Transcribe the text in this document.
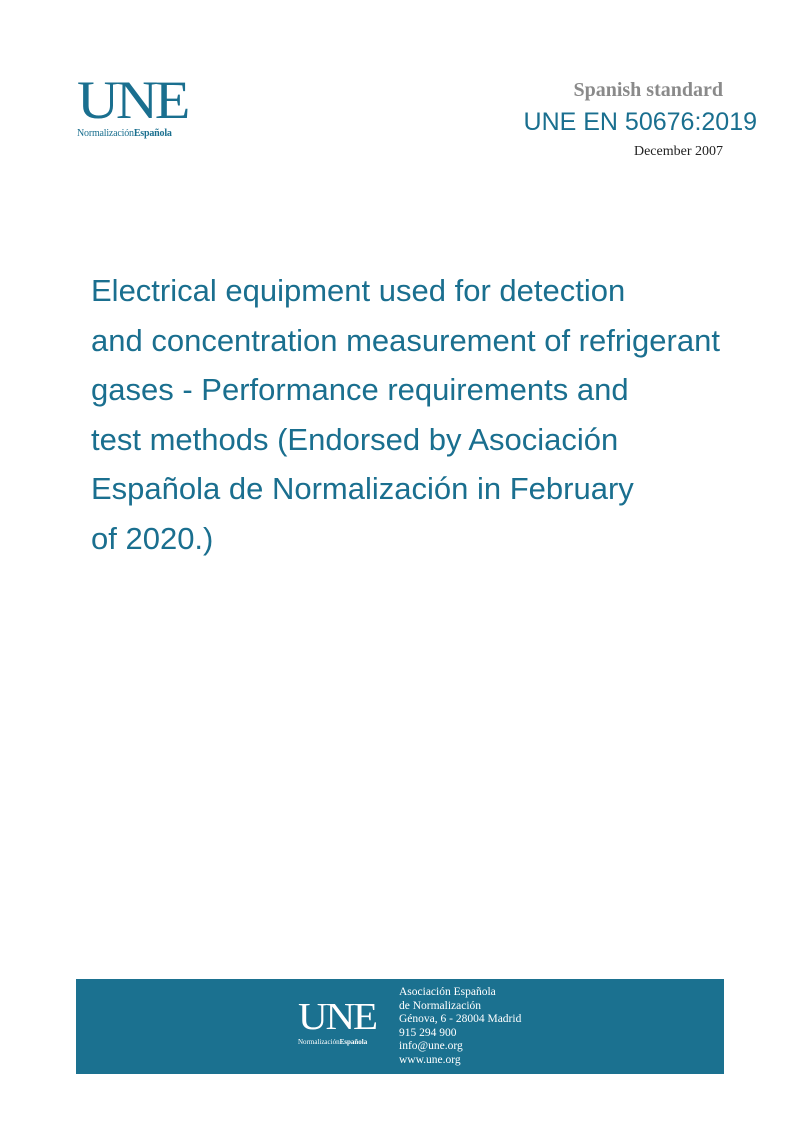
UNE
NormalizaciónEspañola
Spanish standard
UNE EN 50676:2019
December 2007
Electrical equipment used for detection
and concentration measurement of refrigerant
gases - Performance requirements and
test methods (Endorsed by Asociación
Española de Normalización in February
of 2020.)
UNE
NormalizaciónEspañola
Asociación Española
de Normalización
Génova, 6 - 28004 Madrid
915 294 900
info@une.org
www.une.org
